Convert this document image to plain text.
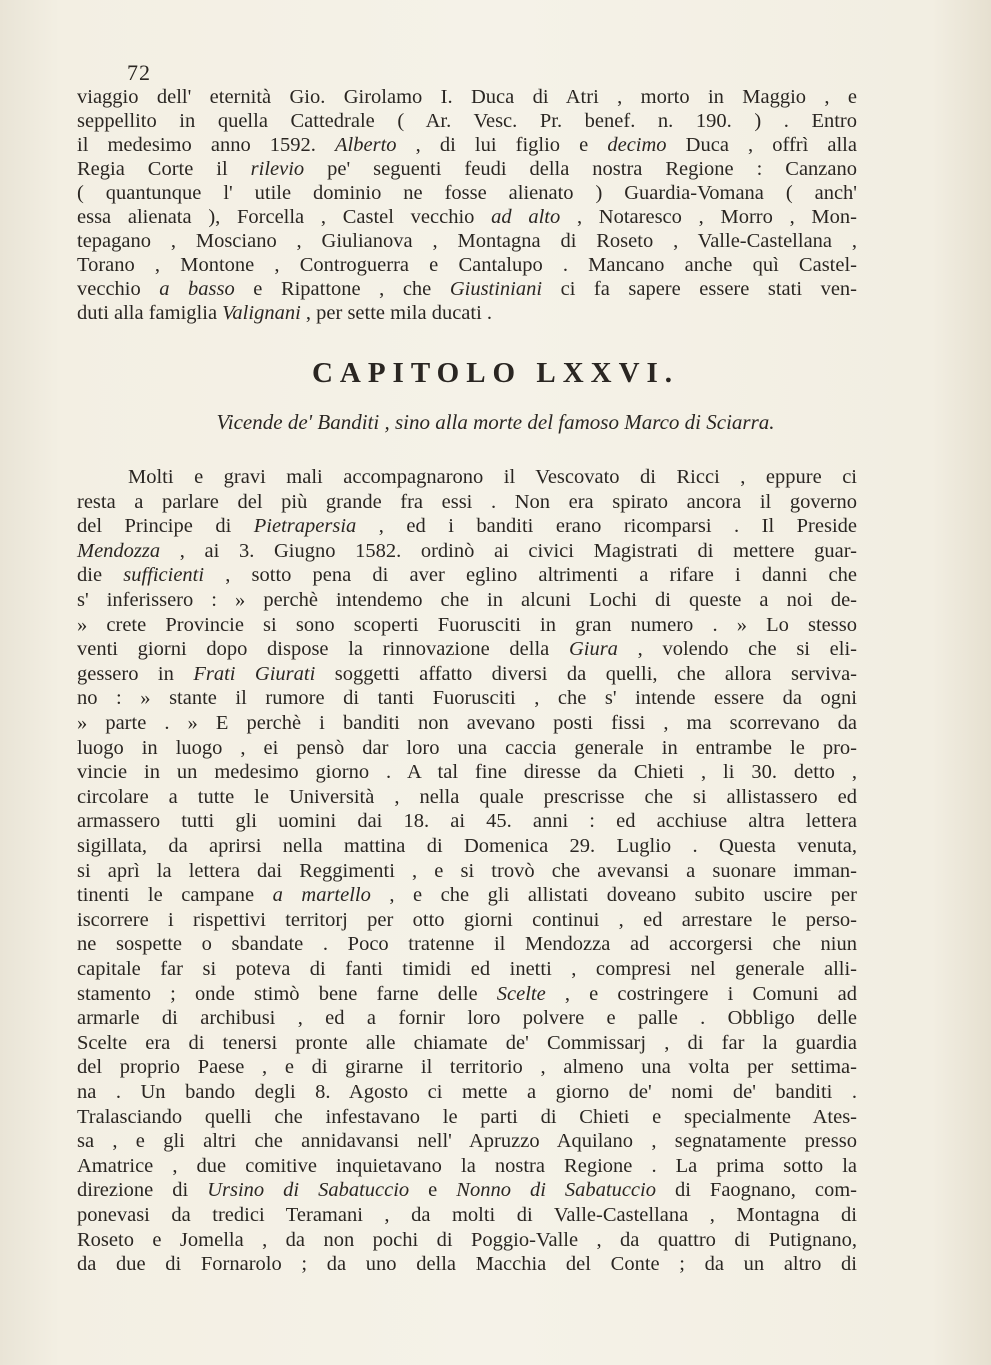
72
viaggio dell' eternità Gio. Girolamo I. Duca di Atri , morto in Maggio , e
seppellito in quella Cattedrale ( Ar. Vesc. Pr. benef. n. 190. ) . Entro
il medesimo anno 1592. Alberto , di lui figlio e decimo Duca , offrì alla
Regia Corte il rilevio pe' seguenti feudi della nostra Regione : Canzano
( quantunque l' utile dominio ne fosse alienato ) Guardia-Vomana ( anch'
essa alienata ), Forcella , Castel vecchio ad alto , Notaresco , Morro , Mon-
tepagano , Mosciano , Giulianova , Montagna di Roseto , Valle-Castellana ,
Torano , Montone , Controguerra e Cantalupo . Mancano anche quì Castel-
vecchio a basso e Ripattone , che Giustiniani ci fa sapere essere stati ven-
duti alla famiglia Valignani , per sette mila ducati .
CAPITOLO LXXVI.
Vicende de' Banditi , sino alla morte del famoso Marco di Sciarra.
Molti e gravi mali accompagnarono il Vescovato di Ricci , eppure ci
resta a parlare del più grande fra essi . Non era spirato ancora il governo
del Principe di Pietrapersia , ed i banditi erano ricomparsi . Il Preside
Mendozza , ai 3. Giugno 1582. ordinò ai civici Magistrati di mettere guar-
die sufficienti , sotto pena di aver eglino altrimenti a rifare i danni che
s' inferissero : » perchè intendemo che in alcuni Lochi di queste a noi de-
» crete Provincie si sono scoperti Fuorusciti in gran numero . » Lo stesso
venti giorni dopo dispose la rinnovazione della Giura , volendo che si eli-
gessero in Frati Giurati soggetti affatto diversi da quelli, che allora serviva-
no : » stante il rumore di tanti Fuorusciti , che s' intende essere da ogni
» parte . » E perchè i banditi non avevano posti fissi , ma scorrevano da
luogo in luogo , ei pensò dar loro una caccia generale in entrambe le pro-
vincie in un medesimo giorno . A tal fine diresse da Chieti , li 30. detto ,
circolare a tutte le Università , nella quale prescrisse che si allistassero ed
armassero tutti gli uomini dai 18. ai 45. anni : ed acchiuse altra lettera
sigillata, da aprirsi nella mattina di Domenica 29. Luglio . Questa venuta,
si aprì la lettera dai Reggimenti , e si trovò che avevansi a suonare imman-
tinenti le campane a martello , e che gli allistati doveano subito uscire per
iscorrere i rispettivi territorj per otto giorni continui , ed arrestare le perso-
ne sospette o sbandate . Poco tratenne il Mendozza ad accorgersi che niun
capitale far si poteva di fanti timidi ed inetti , compresi nel generale alli-
stamento ; onde stimò bene farne delle Scelte , e costringere i Comuni ad
armarle di archibusi , ed a fornir loro polvere e palle . Obbligo delle
Scelte era di tenersi pronte alle chiamate de' Commissarj , di far la guardia
del proprio Paese , e di girarne il territorio , almeno una volta per settima-
na . Un bando degli 8. Agosto ci mette a giorno de' nomi de' banditi .
Tralasciando quelli che infestavano le parti di Chieti e specialmente Ates-
sa , e gli altri che annidavansi nell' Apruzzo Aquilano , segnatamente presso
Amatrice , due comitive inquietavano la nostra Regione . La prima sotto la
direzione di Ursino di Sabatuccio e Nonno di Sabatuccio di Faognano, com-
ponevasi da tredici Teramani , da molti di Valle-Castellana , Montagna di
Roseto e Jomella , da non pochi di Poggio-Valle , da quattro di Putignano,
da due di Fornarolo ; da uno della Macchia del Conte ; da un altro di
